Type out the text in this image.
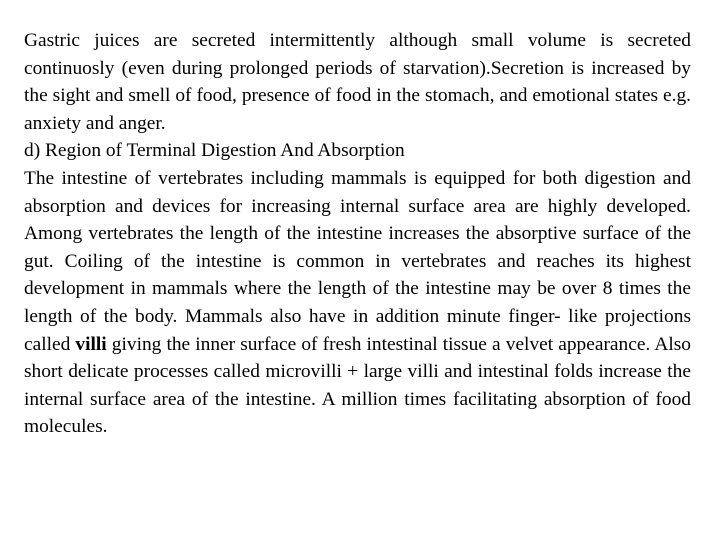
Gastric juices are secreted intermittently although small volume is secreted continuosly (even during prolonged periods of starvation).Secretion is increased by the sight and smell of food, presence of food in the stomach, and emotional states e.g. anxiety and anger.

d) Region of Terminal Digestion And Absorption

The intestine of vertebrates including mammals is equipped for both digestion and absorption and devices for increasing internal surface area are highly developed. Among vertebrates the length of the intestine increases the absorptive surface of the gut. Coiling of the intestine is common in vertebrates and reaches its highest development in mammals where the length of the intestine may be over 8 times the length of the body. Mammals also have in addition minute finger- like projections called villi giving the inner surface of fresh intestinal tissue a velvet appearance. Also short delicate processes called microvilli + large villi and intestinal folds increase the internal surface area of the intestine. A million times facilitating absorption of food molecules.
